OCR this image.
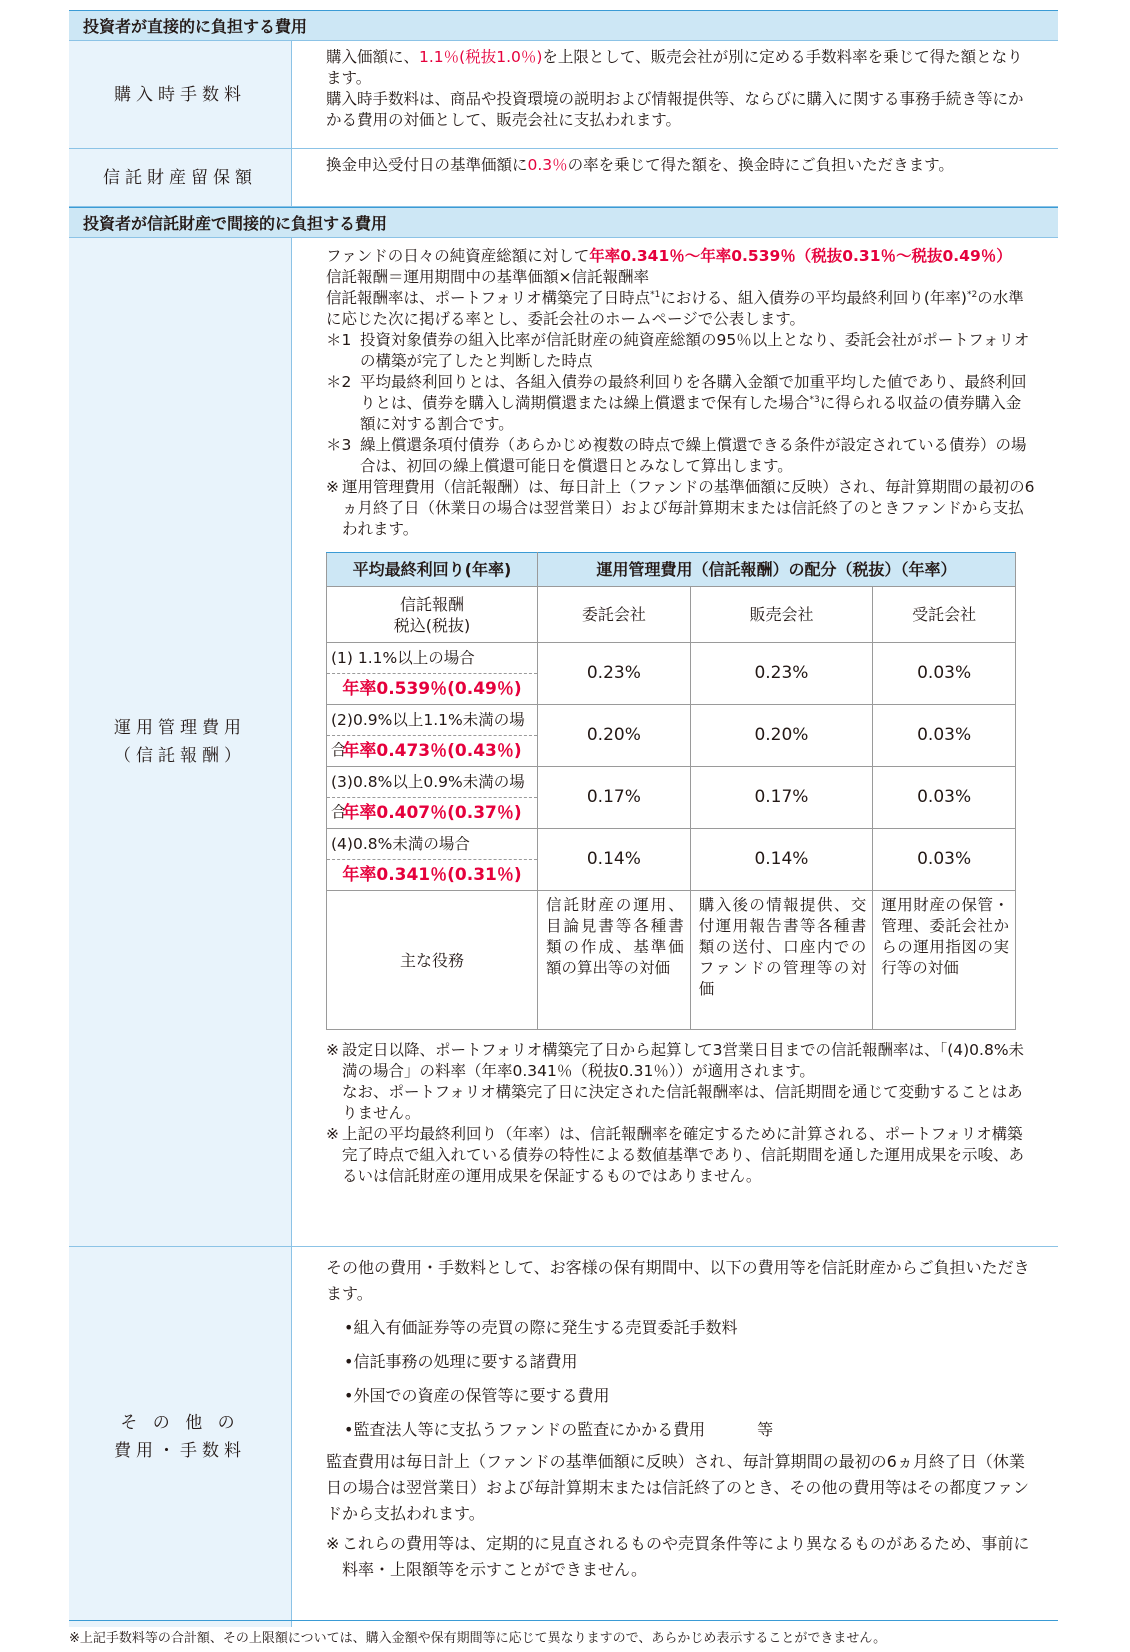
投資者が直接的に負担する費用
購入時手数料

購入価額に、1.1％(税抜1.0％)を上限として、販売会社が別に定める手数料率を乗じて得た額となります。

購入時手数料は、商品や投資環境の説明および情報提供等、ならびに購入に関する事務手続き等にかかる費用の対価として、販売会社に支払われます。

信託財産留保額

換金申込受付日の基準価額に0.3％の率を乗じて得た額を、換金時にご負担いただきます。

投資者が信託財産で間接的に負担する費用
運用管理費用
（信託報酬）

ファンドの日々の純資産総額に対して年率0.341％～年率0.539％（税抜0.31％～税抜0.49％）

信託報酬＝運用期間中の基準価額×信託報酬率

信託報酬率は、ポートフォリオ構築完了日時点$^{*1}$における、組入債券の平均最終利回り(年率)$^{*2}$の水準に応じた次に掲げる率とし、委託会社のホームページで公表します。

＊1 投資対象債券の組入比率が信託財産の純資産総額の95％以上となり、委託会社がポートフォリオの構築が完了したと判断した時点
＊2 平均最終利回りとは、各組入債券の最終利回りを各購入金額で加重平均した値であり、最終利回りとは、債券を購入し満期償還または繰上償還まで保有した場合$^{*3}$に得られる収益の債券購入金額に対する割合です。
＊3 繰上償還条項付債券（あらかじめ複数の時点で繰上償還できる条件が設定されている債券）の場合は、初回の繰上償還可能日を償還日とみなして算出します。
※ 運用管理費用（信託報酬）は、毎日計上（ファンドの基準価額に反映）され、毎計算期間の最初の6ヵ月終了日（休業日の場合は翌営業日）および毎計算期末または信託終了のときファンドから支払われます。
平均最終利回り(年率)	運用管理費用（信託報酬）の配分（税抜）（年率）		

信託報酬
税込(税抜)	委託会社	販売会社	受託会社

(1) 1.1%以上の場合
年率0.539％(0.49％)	0.23%	0.23%	0.03%

(2)0.9%以上1.1%未満の場合
年率0.473％(0.43％)	0.20%	0.20%	0.03%

(3)0.8%以上0.9%未満の場合
年率0.407％(0.37％)	0.17%	0.17%	0.03%

(4)0.8%未満の場合
年率0.341％(0.31％)	0.14%	0.14%	0.03%
主な役務	信託財産の運用、目論見書等各種書類の作成、基準価額の算出等の対価	購入後の情報提供、交付運用報告書等各種書類の送付、口座内でのファンドの管理等の対価	運用財産の保管・管理、委託会社からの運用指図の実行等の対価
※ 設定日以降、ポートフォリオ構築完了日から起算して3営業日目までの信託報酬率は、「(4)0.8%未満の場合」の料率（年率0.341％（税抜0.31％））が適用されます。
なお、ポートフォリオ構築完了日に決定された信託報酬率は、信託期間を通じて変動することはありません。
※ 上記の平均最終利回り（年率）は、信託報酬率を確定するために計算される、ポートフォリオ構築完了時点で組入れている債券の特性による数値基準であり、信託期間を通した運用成果を示唆、あるいは信託財産の運用成果を保証するものではありません。
そ の 他 の
費用・手数料

その他の費用・手数料として、お客様の保有期間中、以下の費用等を信託財産からご負担いただきます。

•組入有価証券等の売買の際に発生する売買委託手数料

•信託事務の処理に要する諸費用

•外国での資産の保管等に要する費用

•監査法人等に支払うファンドの監査にかかる費用	等

監査費用は毎日計上（ファンドの基準価額に反映）され、毎計算期間の最初の6ヵ月終了日（休業日の場合は翌営業日）および毎計算期末または信託終了のとき、その他の費用等はその都度ファンドから支払われます。

※ これらの費用等は、定期的に見直されるものや売買条件等により異なるものがあるため、事前に料率・上限額等を示すことができません。
※上記手数料等の合計額、その上限額については、購入金額や保有期間等に応じて異なりますので、あらかじめ表示することができません。
